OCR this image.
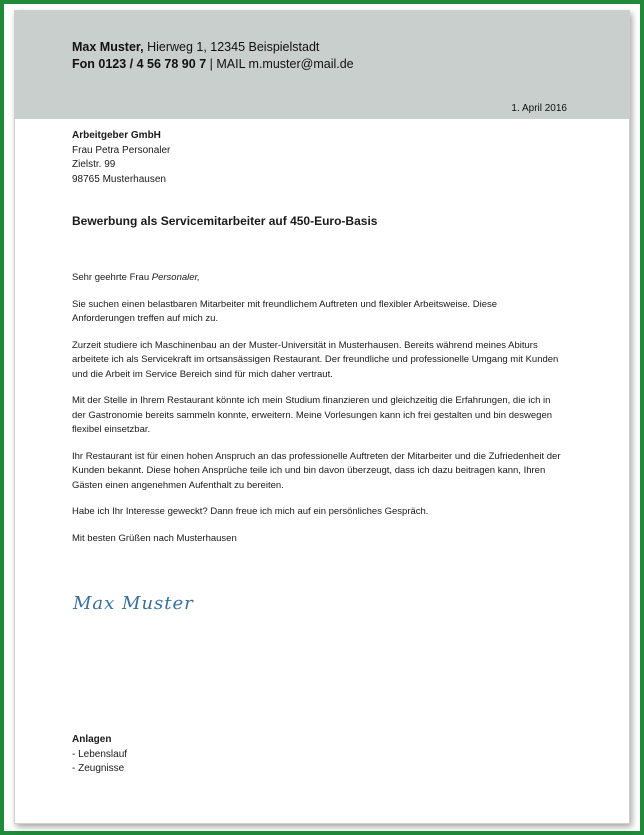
Max Muster, Hierweg 1, 12345 Beispielstadt
Fon 0123 / 4 56 78 90 7 | MAIL m.muster@mail.de
1. April 2016
Arbeitgeber GmbH
Frau Petra Personaler
Zielstr. 99
98765 Musterhausen
Bewerbung als Servicemitarbeiter auf 450-Euro-Basis

Sehr geehrte Frau Personaler,

Sie suchen einen belastbaren Mitarbeiter mit freundlichem Auftreten und flexibler Arbeitsweise. Diese Anforderungen treffen auf mich zu.

Zurzeit studiere ich Maschinenbau an der Muster-Universität in Musterhausen. Bereits während meines Abiturs arbeitete ich als Servicekraft im ortsansässigen Restaurant. Der freundliche und professionelle Umgang mit Kunden und die Arbeit im Service Bereich sind für mich daher vertraut.

Mit der Stelle in Ihrem Restaurant könnte ich mein Studium finanzieren und gleichzeitig die Erfahrungen, die ich in der Gastronomie bereits sammeln konnte, erweitern. Meine Vorlesungen kann ich frei gestalten und bin deswegen flexibel einsetzbar.

Ihr Restaurant ist für einen hohen Anspruch an das professionelle Auftreten der Mitarbeiter und die Zufriedenheit der Kunden bekannt. Diese hohen Ansprüche teile ich und bin davon überzeugt, dass ich dazu beitragen kann, Ihren Gästen einen angenehmen Aufenthalt zu bereiten.

Habe ich Ihr Interesse geweckt? Dann freue ich mich auf ein persönliches Gespräch.

Mit besten Grüßen nach Musterhausen

Max Muster
Anlagen
- Lebenslauf
- Zeugnisse
